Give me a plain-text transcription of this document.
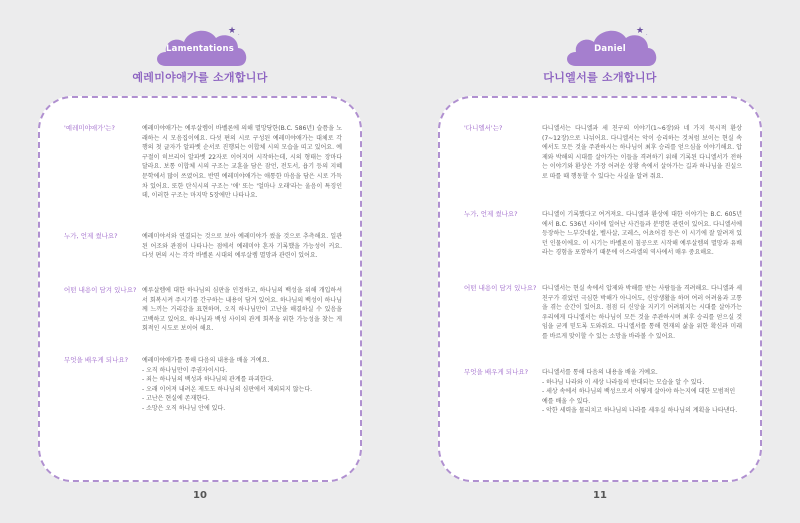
Lamentations
★ ·
예레미야애가를 소개합니다
'예레미야애가'는?	예레미야애가는 예루살렘이 바벨론에 의해 멸망당한(B.C. 586년) 슬픔을 노래하는 시 모음집이에요. 다섯 편의 시로 구성된 예레미야애가는 대체로 각 행의 첫 글자가 알파벳 순서로 진행되는 이합체 시의 모습을 띠고 있어요. 예구절이 히브리어 알파벳 22자로 이어지며 시작하는데, 시의 형태는 장마다 달라요. 보통 이합체 시의 구조는 교훈을 담은 잠언, 전도서, 욥기 등의 지혜문학에서 많이 쓰였어요. 반면 예레미야애가는 애통한 마음을 담은 시로 가득 차 있어요. 또한 탄식시의 구조는 '애' 또는 '얼마나 오래'라는 울음이 특징인데, 이러한 구조는 마지막 5장에만 나타나요.

누가, 언제 썼나요?	예레미야서와 연결되는 것으로 보아 예레미야가 썼을 것으로 추측해요. 일관된 어조와 관점이 나타나는 점에서 예레미야 혼자 기록했을 가능성이 커요. 다섯 편의 시는 각각 바벨론 시대의 예루살렘 멸망과 관련이 있어요.

어떤 내용이 담겨 있나요? 예루살렘에 대한 하나님의 심판을 인정하고, 하나님의 백성을 위해 개입하셔서 회복시켜 주시기를 간구하는 내용이 담겨 있어요. 하나님의 백성이 하나님께 느끼는 거리감을 표현하며, 오직 하나님만이 고난을 해결하실 수 있음을 고백하고 있어요. 하나님과 백성 사이의 관계 회복을 위한 가능성을 찾는 게 회적인 시도로 보이어 해요.

무엇을 배우게 되나요?	예레미야애가를 통해 다음의 내용을 배울 거예요.
- 오직 하나님만이 주권자이시다.
- 죄는 하나님의 백성과 하나님의 관계를 파괴한다.
- 오래 이어져 내려온 제도도 하나님의 심판에서 제외되지 않는다.
- 고난은 현실에 존재한다.
- 소망은 오직 하나님 안에 있다.
10
Daniel
★ ·
다니엘서를 소개합니다
'다니엘서'는?	다니엘서는 다니엘과 세 친구의 이야기(1~6장)와 네 가지 묵시적 환상(7~12장)으로 나뉘어요. 다니엘서는 악이 승리하는 것처럼 보이는 현실 속에서도 모든 것을 주관하시는 하나님이 최후 승리를 얻으심을 이야기해요. 압제와 박해의 시대를 살아가는 이들을 격려하기 위해 기록된 다니엘서가 전하는 이야기와 환상은 가장 어려운 상황 속에서 살아가는 길과 하나님을 진실으로 따를 때 행동할 수 있다는 사실을 알려 줘요.

누가, 언제 썼나요?	다니엘이 기록했다고 여겨져요. 다니엘과 환상에 대한 이야기는 B.C. 605년에서 B.C. 536년 사이에 일어난 사건들과 분명한 관련이 있어요. 다니엘서에 등장하는 느부갓네살, 벨사살, 고레스, 어쵸어검 등은 이 시기에 잘 알려져 있던 인물이에요. 이 시기는 바벨론이 침공으로 시작해 예루살렘의 멸망과 유배라는 경험을 포함하기 때문에 이스라엘의 역사에서 매우 중요해요.

어떤 내용이 담겨 있나요? 다니엘서는 현실 속에서 압제와 박해를 받는 사람들을 격려해요. 다니엘과 세 친구가 겪었던 극심한 박해가 아니어도, 신앙생활을 하며 여러 어려움과 고통을 겪는 순간이 있어요. 점점 더 신앙을 지키기 어려워지는 시대를 살아가는 우리에게 다니엘서는 하나님이 모든 것을 주관하시며 최후 승리를 얻으실 것임을 굳게 믿도록 도와줘요. 다니엘서를 통해 현재의 삶을 위한 확신과 미래를 바르게 맞이할 수 있는 소망을 바라볼 수 있어요.

무엇을 배우게 되나요?	다니엘서를 통해 다음의 내용을 배울 거예요.
- 하나님 나라와 이 세상 나라들의 반대되는 모습을 알 수 있다.
- 세상 속에서 하나님의 백성으로서 어떻게 살아야 하는지에 대한 모범적인 예를 배울 수 있다.
- 악한 세력을 물리치고 하나님의 나라를 세우실 하나님의 계획을 나타낸다.
11
